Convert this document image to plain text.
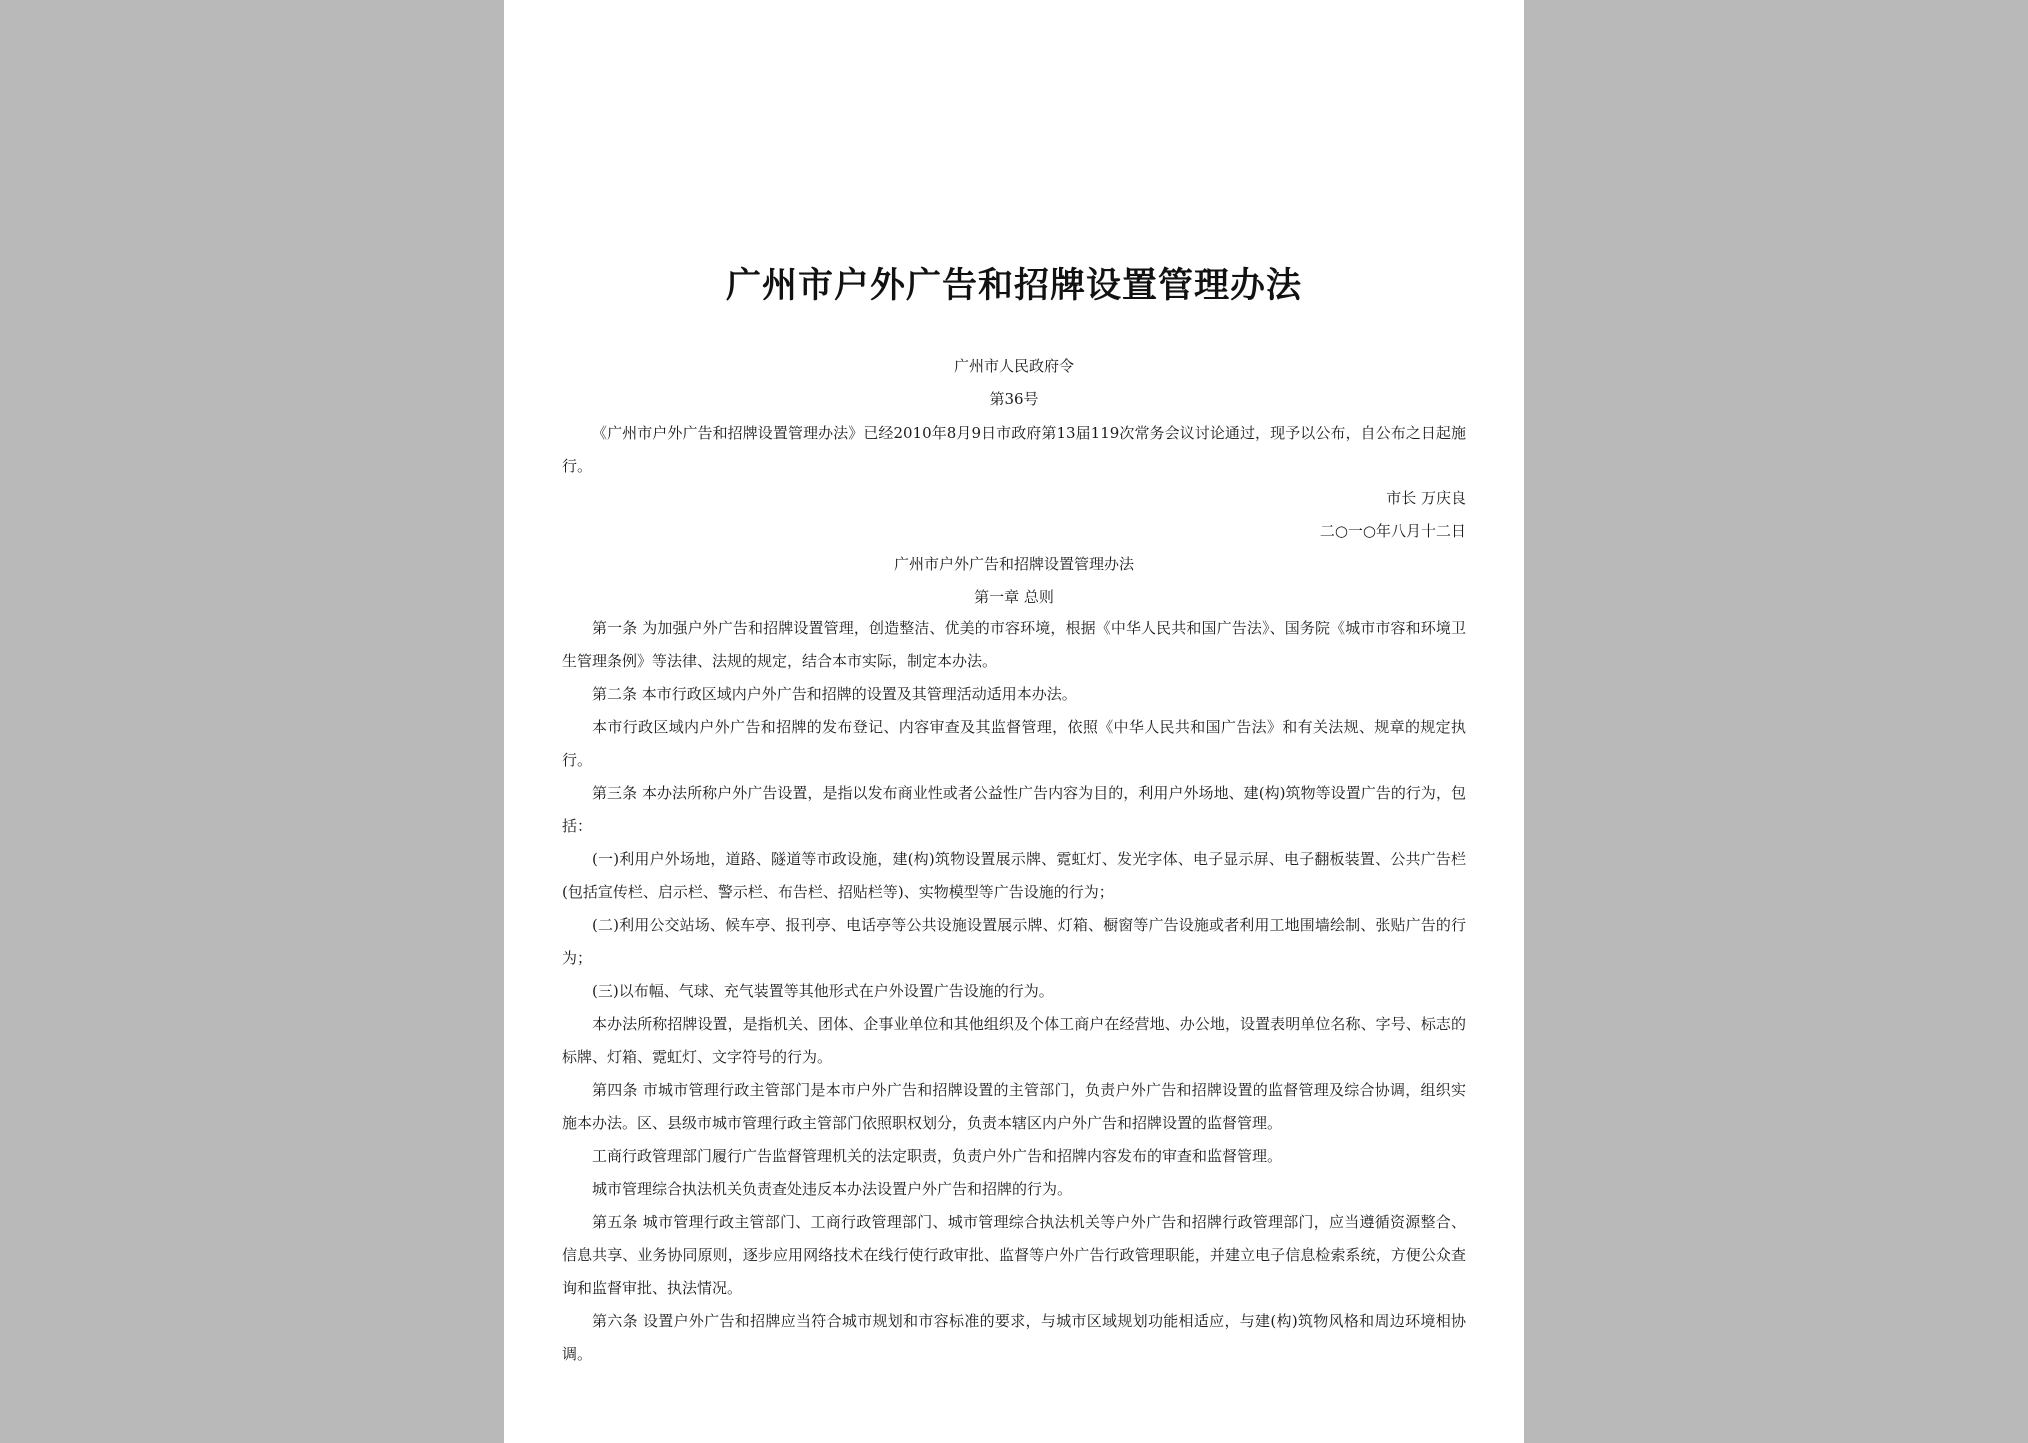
广州市户外广告和招牌设置管理办法
广州市人民政府令
第36号

《广州市户外广告和招牌设置管理办法》已经2010年8月9日市政府第13届119次常务会议讨论通过，现予以公布，自公布之日起施行。

市长 万庆良
二○一○年八月十二日
广州市户外广告和招牌设置管理办法
第一章 总则

第一条 为加强户外广告和招牌设置管理，创造整洁、优美的市容环境，根据《中华人民共和国广告法》、国务院《城市市容和环境卫生管理条例》等法律、法规的规定，结合本市实际，制定本办法。

第二条 本市行政区域内户外广告和招牌的设置及其管理活动适用本办法。

本市行政区域内户外广告和招牌的发布登记、内容审查及其监督管理，依照《中华人民共和国广告法》和有关法规、规章的规定执行。

第三条 本办法所称户外广告设置，是指以发布商业性或者公益性广告内容为目的，利用户外场地、建(构)筑物等设置广告的行为，包括：

(一)利用户外场地，道路、隧道等市政设施，建(构)筑物设置展示牌、霓虹灯、发光字体、电子显示屏、电子翻板装置、公共广告栏(包括宣传栏、启示栏、警示栏、布告栏、招贴栏等)、实物模型等广告设施的行为；

(二)利用公交站场、候车亭、报刊亭、电话亭等公共设施设置展示牌、灯箱、橱窗等广告设施或者利用工地围墙绘制、张贴广告的行为；

(三)以布幅、气球、充气装置等其他形式在户外设置广告设施的行为。

本办法所称招牌设置，是指机关、团体、企事业单位和其他组织及个体工商户在经营地、办公地，设置表明单位名称、字号、标志的标牌、灯箱、霓虹灯、文字符号的行为。

第四条 市城市管理行政主管部门是本市户外广告和招牌设置的主管部门，负责户外广告和招牌设置的监督管理及综合协调，组织实施本办法。区、县级市城市管理行政主管部门依照职权划分，负责本辖区内户外广告和招牌设置的监督管理。

工商行政管理部门履行广告监督管理机关的法定职责，负责户外广告和招牌内容发布的审查和监督管理。

城市管理综合执法机关负责查处违反本办法设置户外广告和招牌的行为。

第五条 城市管理行政主管部门、工商行政管理部门、城市管理综合执法机关等户外广告和招牌行政管理部门，应当遵循资源整合、信息共享、业务协同原则，逐步应用网络技术在线行使行政审批、监督等户外广告行政管理职能，并建立电子信息检索系统，方便公众查询和监督审批、执法情况。

第六条 设置户外广告和招牌应当符合城市规划和市容标准的要求，与城市区域规划功能相适应，与建(构)筑物风格和周边环境相协调。
